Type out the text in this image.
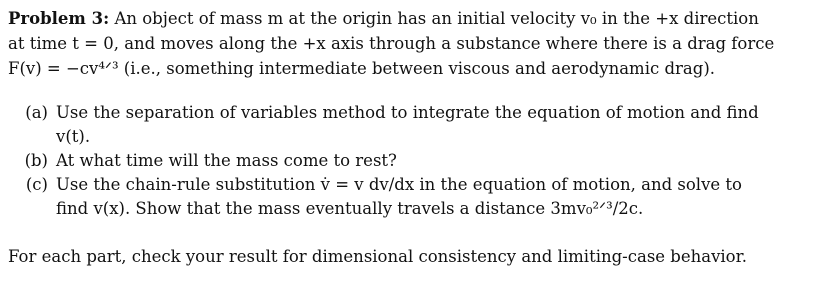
Problem 3: An object of mass m at the origin has an initial velocity v₀ in the +x direction
at time t = 0, and moves along the +x axis through a substance where there is a drag force
F(v) = −cv⁴ᐟ³ (i.e., something intermediate between viscous and aerodynamic drag).

(a) Use the separation of variables method to integrate the equation of motion and find
v(t).
(b) At what time will the mass come to rest?
(c) Use the chain-rule substitution v̇ = v dv/dx in the equation of motion, and solve to
find v(x). Show that the mass eventually travels a distance 3mv₀²ᐟ³/2c.

For each part, check your result for dimensional consistency and limiting-case behavior.
